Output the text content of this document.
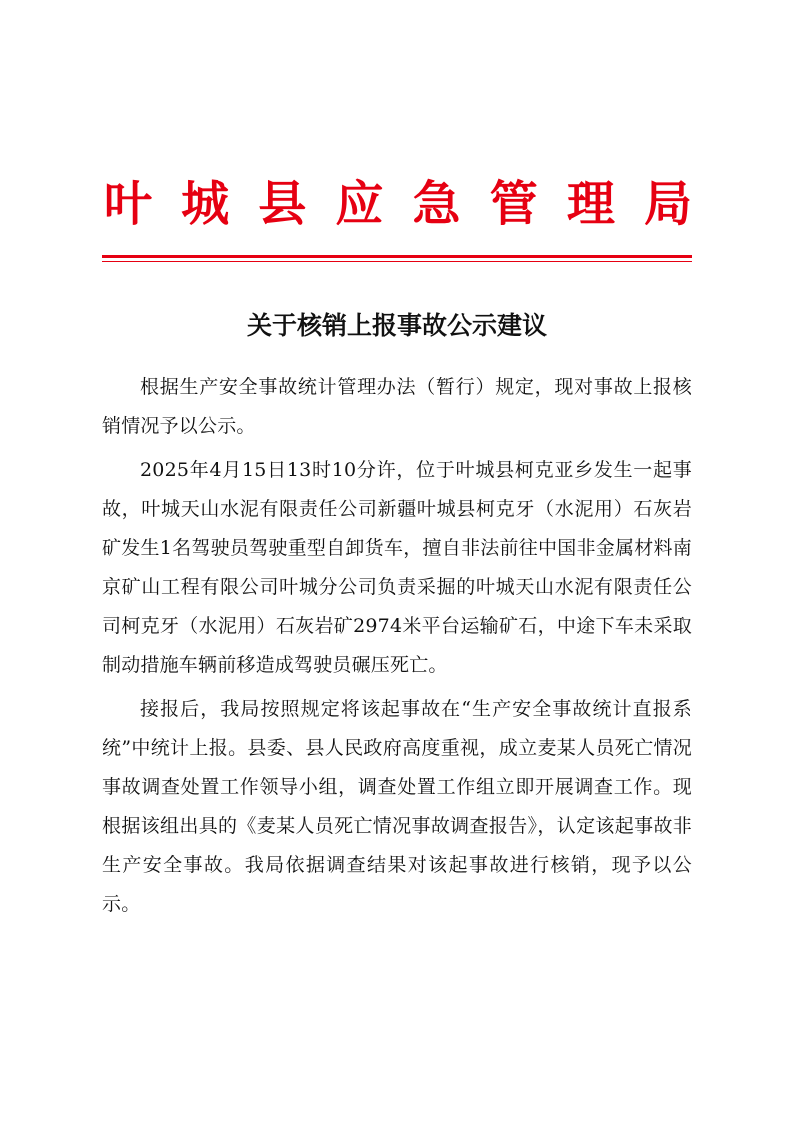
叶 城 县 应 急 管 理 局
关于核销上报事故公示建议

根据生产安全事故统计管理办法（暂行）规定，现对事故上报核销情况予以公示。

2025年4月15日13时10分许，位于叶城县柯克亚乡发生一起事故，叶城天山水泥有限责任公司新疆叶城县柯克牙（水泥用）石灰岩矿发生1名驾驶员驾驶重型自卸货车，擅自非法前往中国非金属材料南京矿山工程有限公司叶城分公司负责采掘的叶城天山水泥有限责任公司柯克牙（水泥用）石灰岩矿2974米平台运输矿石，中途下车未采取制动措施车辆前移造成驾驶员碾压死亡。

接报后，我局按照规定将该起事故在“生产安全事故统计直报系统”中统计上报。县委、县人民政府高度重视，成立麦某人员死亡情况事故调查处置工作领导小组，调查处置工作组立即开展调查工作。现根据该组出具的《麦某人员死亡情况事故调查报告》，认定该起事故非生产安全事故。我局依据调查结果对该起事故进行核销，现予以公示。
